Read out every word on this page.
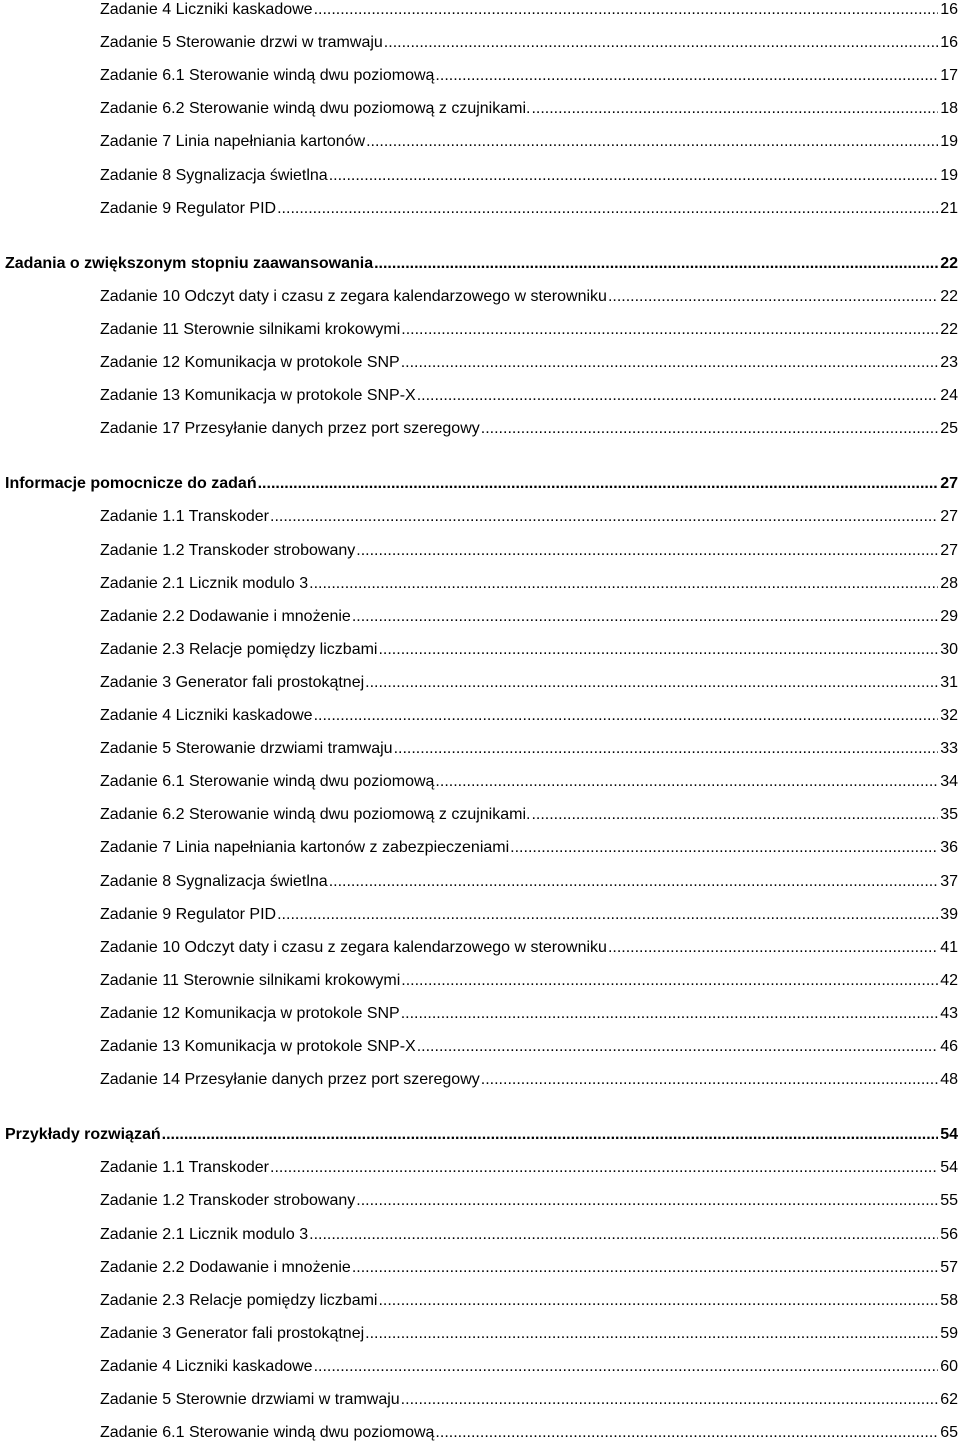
Zadanie 4 Liczniki kaskadowe .....	16
Zadanie 5 Sterowanie drzwi w tramwaju .....	16
Zadanie 6.1 Sterowanie windą dwu poziomową .....	17
Zadanie 6.2 Sterowanie windą dwu poziomową z czujnikami. .....	18
Zadanie 7 Linia napełniania kartonów .....	19
Zadanie 8 Sygnalizacja świetlna .....	19
Zadanie 9 Regulator PID .....	21
Zadania o zwiększonym stopniu zaawansowania .....	22
Zadanie 10 Odczyt daty i czasu z zegara kalendarzowego w sterowniku .....	22
Zadanie 11 Sterownie silnikami krokowymi .....	22
Zadanie 12 Komunikacja w protokole SNP .....	23
Zadanie 13 Komunikacja w protokole SNP-X .....	24
Zadanie 17 Przesyłanie danych przez port szeregowy .....	25
Informacje pomocnicze do zadań .....	27
Zadanie 1.1 Transkoder .....	27
Zadanie 1.2 Transkoder strobowany .....	27
Zadanie 2.1 Licznik modulo 3 .....	28
Zadanie 2.2 Dodawanie i mnożenie .....	29
Zadanie 2.3 Relacje pomiędzy liczbami .....	30
Zadanie 3 Generator fali prostokątnej .....	31
Zadanie 4 Liczniki kaskadowe .....	32
Zadanie 5 Sterowanie drzwiami tramwaju .....	33
Zadanie 6.1 Sterowanie windą dwu poziomową .....	34
Zadanie 6.2 Sterowanie windą dwu poziomową z czujnikami. .....	35
Zadanie 7 Linia napełniania kartonów z zabezpieczeniami .....	36
Zadanie 8 Sygnalizacja świetlna .....	37
Zadanie 9 Regulator PID .....	39
Zadanie 10 Odczyt daty i czasu z zegara kalendarzowego w sterowniku .....	41
Zadanie 11 Sterownie silnikami krokowymi .....	42
Zadanie 12 Komunikacja w protokole SNP .....	43
Zadanie 13 Komunikacja w protokole SNP-X .....	46
Zadanie 14 Przesyłanie danych przez port szeregowy .....	48
Przykłady rozwiązań .....	54
Zadanie 1.1 Transkoder .....	54
Zadanie 1.2 Transkoder strobowany .....	55
Zadanie 2.1 Licznik modulo 3 .....	56
Zadanie 2.2 Dodawanie i mnożenie .....	57
Zadanie 2.3 Relacje pomiędzy liczbami .....	58
Zadanie 3 Generator fali prostokątnej .....	59
Zadanie 4 Liczniki kaskadowe .....	60
Zadanie 5 Sterownie drzwiami w tramwaju .....	62
Zadanie 6.1 Sterowanie windą dwu poziomową .....	65
